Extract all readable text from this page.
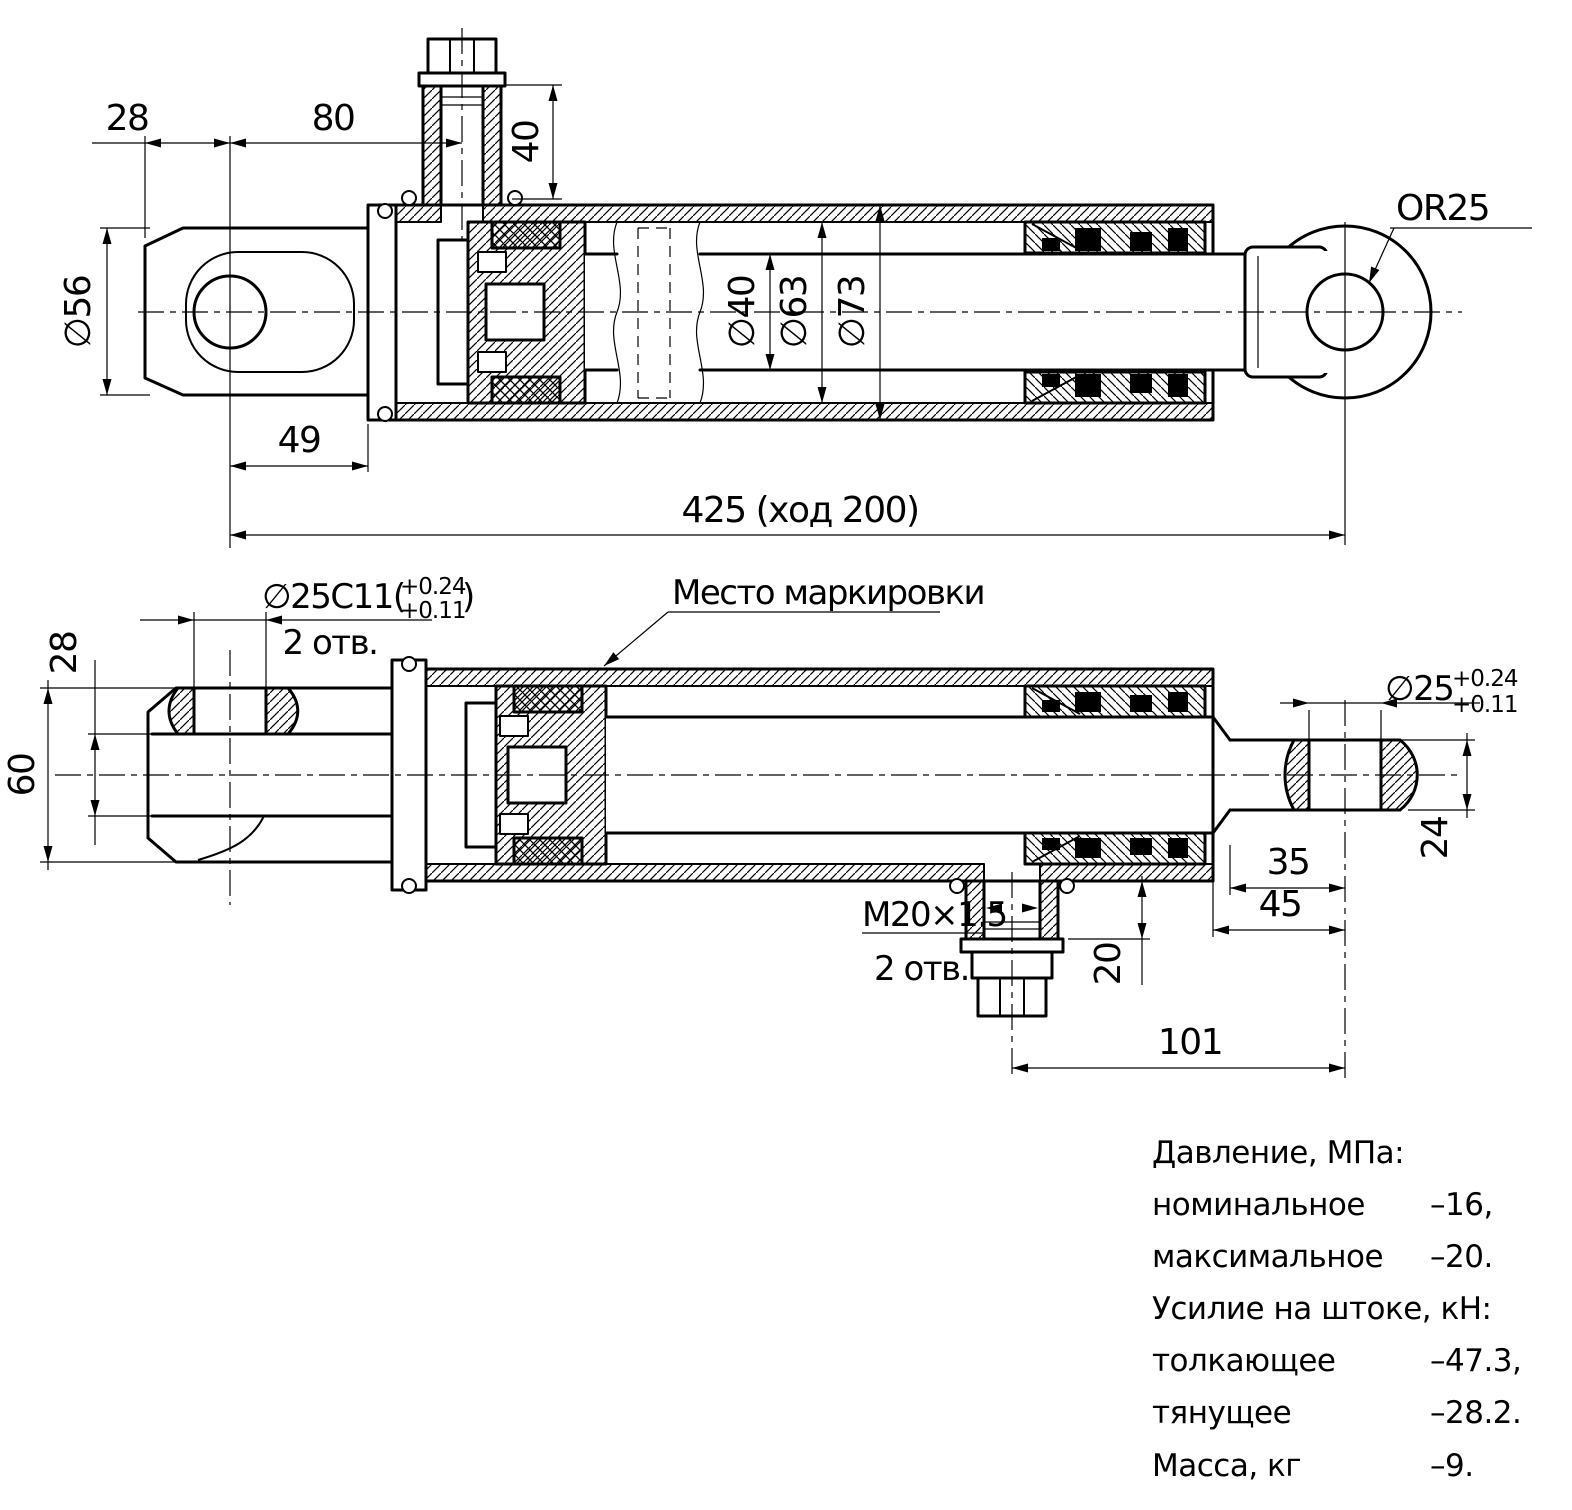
28	80
40
∅56
49
∅40 ∅63 ∅73
425 (ход 200)
OR25
∅25C11(
+0.24
+0.11
)
2 отв.
60
28
Место маркировки
∅25
+0.24
+0.11
24
35
45
M20×1.5
2 отв.	20
101
Давление, МПа:
номинальное –16,
максимальное –20.
Усилие на штоке, кН:
толкающее	–47.3,
тянущее	–28.2.
Масса, кг	–9.
